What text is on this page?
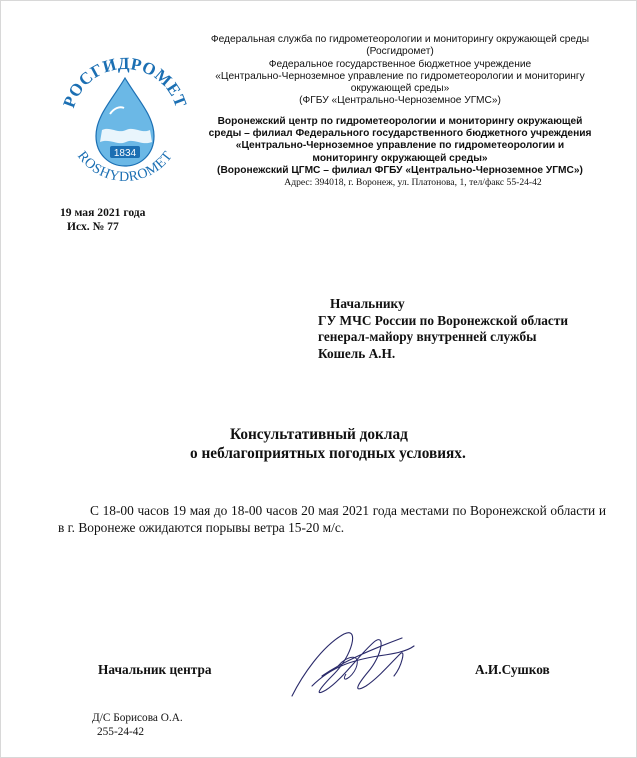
РОСГИДРОМЕТ
ROSHYDROMET
1834
Федеральная служба по гидрометеорологии и мониторингу окружающей среды
(Росгидромет)
Федеральное государственное бюджетное учреждение
«Центрально-Черноземное управление по гидрометеорологии и мониторингу
окружающей среды»
(ФГБУ «Центрально-Черноземное УГМС»)
Воронежский центр по гидрометеорологии и мониторингу окружающей
среды – филиал Федерального государственного бюджетного учреждения
«Центрально-Черноземное управление по гидрометеорологии и
мониторингу окружающей среды»
(Воронежский ЦГМС – филиал ФГБУ «Центрально-Черноземное УГМС»)
Адрес: 394018, г. Воронеж, ул. Платонова, 1, тел/факс 55-24-42
19 мая 2021 года
Исх. № 77
Начальнику
ГУ МЧС России по Воронежской области
генерал-майору внутренней службы
Кошель А.Н.
Консультативный доклад
о неблагоприятных погодных условиях.
С 18-00 часов 19 мая до 18-00 часов 20 мая 2021 года местами по Воронежской области и в г. Воронеже ожидаются порывы ветра 15-20 м/с.
Начальник центра	А.И.Сушков
Д/С Борисова О.А.
255-24-42
